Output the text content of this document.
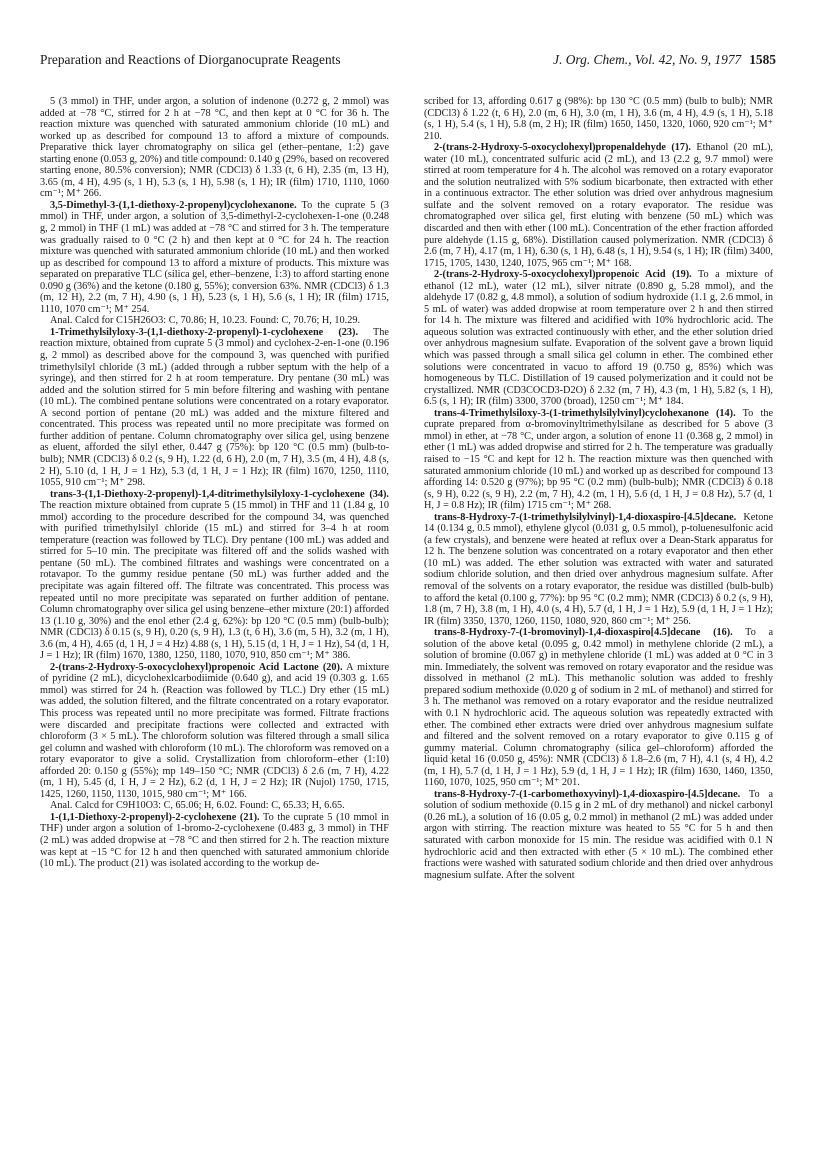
Preparation and Reactions of Diorganocuprate Reagents	J. Org. Chem., Vol. 42, No. 9, 1977 1585

5 (3 mmol) in THF, under argon, a solution of indenone (0.272 g, 2 mmol) was added at −78 °C, stirred for 2 h at −78 °C, and then kept at 0 °C for 36 h. The reaction mixture was quenched with saturated ammonium chloride (10 mL) and worked up as described for compound 13 to afford a mixture of compounds. Preparative thick layer chromatography on silica gel (ether–pentane, 1:2) gave starting enone (0.053 g, 20%) and title compound: 0.140 g (29%, based on recovered starting enone, 80.5% conversion); NMR (CDCl3) δ 1.33 (t, 6 H), 2.35 (m, 13 H), 3.65 (m, 4 H), 4.95 (s, 1 H), 5.3 (s, 1 H), 5.98 (s, 1 H); IR (film) 1710, 1110, 1060 cm⁻¹; M⁺ 266.

3,5-Dimethyl-3-(1,1-diethoxy-2-propenyl)cyclohexanone. To the cuprate 5 (3 mmol) in THF, under argon, a solution of 3,5-dimethyl-2-cyclohexen-1-one (0.248 g, 2 mmol) in THF (1 mL) was added at −78 °C and stirred for 3 h. The temperature was gradually raised to 0 °C (2 h) and then kept at 0 °C for 24 h. The reaction mixture was quenched with saturated ammonium chloride (10 mL) and then worked up as described for compound 13 to afford a mixture of products. This mixture was separated on preparative TLC (silica gel, ether–benzene, 1:3) to afford starting enone 0.090 g (36%) and the ketone (0.180 g, 55%); conversion 63%. NMR (CDCl3) δ 1.3 (m, 12 H), 2.2 (m, 7 H), 4.90 (s, 1 H), 5.23 (s, 1 H), 5.6 (s, 1 H); IR (film) 1715, 1110, 1070 cm⁻¹; M⁺ 254.

Anal. Calcd for C15H26O3: C, 70.86; H, 10.23. Found: C, 70.76; H, 10.29.

1-Trimethylsilyloxy-3-(1,1-diethoxy-2-propenyl)-1-cyclohexene (23). The reaction mixture, obtained from cuprate 5 (3 mmol) and cyclohex-2-en-1-one (0.196 g, 2 mmol) as described above for the compound 3, was quenched with purified trimethylsilyl chloride (3 mL) (added through a rubber septum with the help of a syringe), and then stirred for 2 h at room temperature. Dry pentane (30 mL) was added and the solution stirred for 5 min before filtering and washing with pentane (10 mL). The combined pentane solutions were concentrated on a rotary evaporator. A second portion of pentane (20 mL) was added and the mixture filtered and concentrated. This process was repeated until no more precipitate was formed on further addition of pentane. Column chromatography over silica gel, using benzene as eluent, afforded the silyl ether, 0.447 g (75%): bp 120 °C (0.5 mm) (bulb-to-bulb); NMR (CDCl3) δ 0.2 (s, 9 H), 1.22 (d, 6 H), 2.0 (m, 7 H), 3.5 (m, 4 H), 4.8 (s, 2 H), 5.10 (d, 1 H, J = 1 Hz), 5.3 (d, 1 H, J = 1 Hz); IR (film) 1670, 1250, 1110, 1055, 910 cm⁻¹; M⁺ 298.

trans-3-(1,1-Diethoxy-2-propenyl)-1,4-ditrimethylsilyloxy-1-cyclohexene (34). The reaction mixture obtained from cuprate 5 (15 mmol) in THF and 11 (1.84 g, 10 mmol) according to the procedure described for the compound 34, was quenched with purified trimethylsilyl chloride (15 mL) and stirred for 3–4 h at room temperature (reaction was followed by TLC). Dry pentane (100 mL) was added and stirred for 5–10 min. The precipitate was filtered off and the solids washed with pentane (50 mL). The combined filtrates and washings were concentrated on a rotavapor. To the gummy residue pentane (50 mL) was further added and the precipitate was again filtered off. The filtrate was concentrated. This process was repeated until no more precipitate was separated on further addition of pentane. Column chromatography over silica gel using benzene–ether mixture (20:1) afforded 13 (1.10 g, 30%) and the enol ether (2.4 g, 62%): bp 120 °C (0.5 mm) (bulb-bulb); NMR (CDCl3) δ 0.15 (s, 9 H), 0.20 (s, 9 H), 1.3 (t, 6 H), 3.6 (m, 5 H), 3.2 (m, 1 H), 3.6 (m, 4 H), 4.65 (d, 1 H, J = 4 Hz) 4.88 (s, 1 H), 5.15 (d, 1 H, J = 1 Hz), 54 (d, 1 H, J = 1 Hz); IR (film) 1670, 1380, 1250, 1180, 1070, 910, 850 cm⁻¹; M⁺ 386.

2-(trans-2-Hydroxy-5-oxocyclohexyl)propenoic Acid Lactone (20). A mixture of pyridine (2 mL), dicyclohexlcarbodiimide (0.640 g), and acid 19 (0.303 g. 1.65 mmol) was stirred for 24 h. (Reaction was followed by TLC.) Dry ether (15 mL) was added, the solution filtered, and the filtrate concentrated on a rotary evaporator. This process was repeated until no more precipitate was formed. Filtrate fractions were discarded and precipitate fractions were collected and extracted with chloroform (3 × 5 mL). The chloroform solution was filtered through a small silica gel column and washed with chloroform (10 mL). The chloroform was removed on a rotary evaporator to give a solid. Crystallization from chloroform–ether (1:10) afforded 20: 0.150 g (55%); mp 149–150 °C; NMR (CDCl3) δ 2.6 (m, 7 H), 4.22 (m, 1 H), 5.45 (d, 1 H, J = 2 Hz), 6.2 (d, 1 H, J = 2 Hz); IR (Nujol) 1750, 1715, 1425, 1260, 1150, 1130, 1015, 980 cm⁻¹; M⁺ 166.

Anal. Calcd for C9H10O3: C, 65.06; H, 6.02. Found: C, 65.33; H, 6.65.

1-(1,1-Diethoxy-2-propenyl)-2-cyclohexene (21). To the cuprate 5 (10 mmol in THF) under argon a solution of 1-bromo-2-cyclohexene (0.483 g, 3 mmol) in THF (2 mL) was added dropwise at −78 °C and then stirred for 2 h. The reaction mixture was kept at −15 °C for 12 h and then quenched with saturated ammonium chloride (10 mL). The product (21) was isolated according to the workup de-

scribed for 13, affording 0.617 g (98%): bp 130 °C (0.5 mm) (bulb to bulb); NMR (CDCl3) δ 1.22 (t, 6 H), 2.0 (m, 6 H), 3.0 (m, 1 H), 3.6 (m, 4 H), 4.9 (s, 1 H), 5.18 (s, 1 H), 5.4 (s, 1 H), 5.8 (m, 2 H); IR (film) 1650, 1450, 1320, 1060, 920 cm⁻¹; M⁺ 210.

2-(trans-2-Hydroxy-5-oxocyclohexyl)propenaldehyde (17). Ethanol (20 mL), water (10 mL), concentrated sulfuric acid (2 mL), and 13 (2.2 g, 9.7 mmol) were stirred at room temperature for 4 h. The alcohol was removed on a rotary evaporator and the solution neutralized with 5% sodium bicarbonate, then extracted with ether in a continuous extractor. The ether solution was dried over anhydrous magnesium sulfate and the solvent removed on a rotary evaporator. The residue was chromatographed over silica gel, first eluting with benzene (50 mL) which was discarded and then with ether (100 mL). Concentration of the ether fraction afforded pure aldehyde (1.15 g, 68%). Distillation caused polymerization. NMR (CDCl3) δ 2.6 (m, 7 H), 4.17 (m, 1 H), 6.30 (s, 1 H), 6.48 (s, 1 H), 9.54 (s, 1 H); IR (film) 3400, 1715, 1705, 1430, 1240, 1075, 965 cm⁻¹; M⁺ 168.

2-(trans-2-Hydroxy-5-oxocyclohexyl)propenoic Acid (19). To a mixture of ethanol (12 mL), water (12 mL), silver nitrate (0.890 g, 5.28 mmol), and the aldehyde 17 (0.82 g, 4.8 mmol), a solution of sodium hydroxide (1.1 g, 2.6 mmol, in 5 mL of water) was added dropwise at room temperature over 2 h and then stirred for 14 h. The mixture was filtered and acidified with 10% hydrochloric acid. The aqueous solution was extracted continuously with ether, and the ether solution dried over anhydrous magnesium sulfate. Evaporation of the solvent gave a brown liquid which was passed through a small silica gel column in ether. The combined ether solutions were concentrated in vacuo to afford 19 (0.750 g, 85%) which was homogeneous by TLC. Distillation of 19 caused polymerization and it could not be crystallized. NMR (CD3COCD3-D2O) δ 2.32 (m, 7 H), 4.3 (m, 1 H), 5.82 (s, 1 H), 6.5 (s, 1 H); IR (film) 3300, 3700 (broad), 1250 cm⁻¹; M⁺ 184.

trans-4-Trimethylsiloxy-3-(1-trimethylsilylvinyl)cyclohexanone (14). To the cuprate prepared from α-bromovinyltrimethylsilane as described for 5 above (3 mmol) in ether, at −78 °C, under argon, a solution of enone 11 (0.368 g, 2 mmol) in ether (1 mL) was added dropwise and stirred for 2 h. The temperature was gradually raised to −15 °C and kept for 12 h. The reaction mixture was then quenched with saturated ammonium chloride (10 mL) and worked up as described for compound 13 affording 14: 0.520 g (97%); bp 95 °C (0.2 mm) (bulb-bulb); NMR (CDCl3) δ 0.18 (s, 9 H), 0.22 (s, 9 H), 2.2 (m, 7 H), 4.2 (m, 1 H), 5.6 (d, 1 H, J = 0.8 Hz), 5.7 (d, 1 H, J = 0.8 Hz); IR (film) 1715 cm⁻¹; M⁺ 268.

trans-8-Hydroxy-7-(1-trimethylsilylvinyl)-1,4-dioxaspiro-[4.5]decane. Ketone 14 (0.134 g, 0.5 mmol), ethylene glycol (0.031 g, 0.5 mmol), p-toluenesulfonic acid (a few crystals), and benzene were heated at reflux over a Dean-Stark apparatus for 12 h. The benzene solution was concentrated on a rotary evaporator and then ether (10 mL) was added. The ether solution was extracted with water and saturated sodium chloride solution, and then dried over anhydrous magnesium sulfate. After removal of the solvents on a rotary evaporator, the residue was distilled (bulb-bulb) to afford the ketal (0.100 g, 77%): bp 95 °C (0.2 mm); NMR (CDCl3) δ 0.2 (s, 9 H), 1.8 (m, 7 H), 3.8 (m, 1 H), 4.0 (s, 4 H), 5.7 (d, 1 H, J = 1 Hz), 5.9 (d, 1 H, J = 1 Hz); IR (film) 3350, 1370, 1260, 1150, 1080, 920, 860 cm⁻¹; M⁺ 256.

trans-8-Hydroxy-7-(1-bromovinyl)-1,4-dioxaspiro[4.5]decane (16). To a solution of the above ketal (0.095 g, 0.42 mmol) in methylene chloride (2 mL), a solution of bromine (0.067 g) in methylene chloride (1 mL) was added at 0 °C in 3 min. Immediately, the solvent was removed on rotary evaporator and the residue was dissolved in methanol (2 mL). This methanolic solution was added to freshly prepared sodium methoxide (0.020 g of sodium in 2 mL of methanol) and stirred for 3 h. The methanol was removed on a rotary evaporator and the residue neutralized with 0.1 N hydrochloric acid. The aqueous solution was repeatedly extracted with ether. The combined ether extracts were dried over anhydrous magnesium sulfate and filtered and the solvent removed on a rotary evaporator to give 0.115 g of gummy material. Column chromatography (silica gel–chloroform) afforded the liquid ketal 16 (0.050 g, 45%): NMR (CDCl3) δ 1.8–2.6 (m, 7 H), 4.1 (s, 4 H), 4.2 (m, 1 H), 5.7 (d, 1 H, J = 1 Hz), 5.9 (d, 1 H, J = 1 Hz); IR (film) 1630, 1460, 1350, 1160, 1070, 1025, 950 cm⁻¹; M⁺ 201.

trans-8-Hydroxy-7-(1-carbomethoxyvinyl)-1,4-dioxaspiro-[4.5]decane. To a solution of sodium methoxide (0.15 g in 2 mL of dry methanol) and nickel carbonyl (0.26 mL), a solution of 16 (0.05 g, 0.2 mmol) in methanol (2 mL) was added under argon with stirring. The reaction mixture was heated to 55 °C for 5 h and then saturated with carbon monoxide for 15 min. The residue was acidified with 0.1 N hydrochloric acid and then extracted with ether (5 × 10 mL). The combined ether fractions were washed with saturated sodium chloride and then dried over anhydrous magnesium sulfate. After the solvent
